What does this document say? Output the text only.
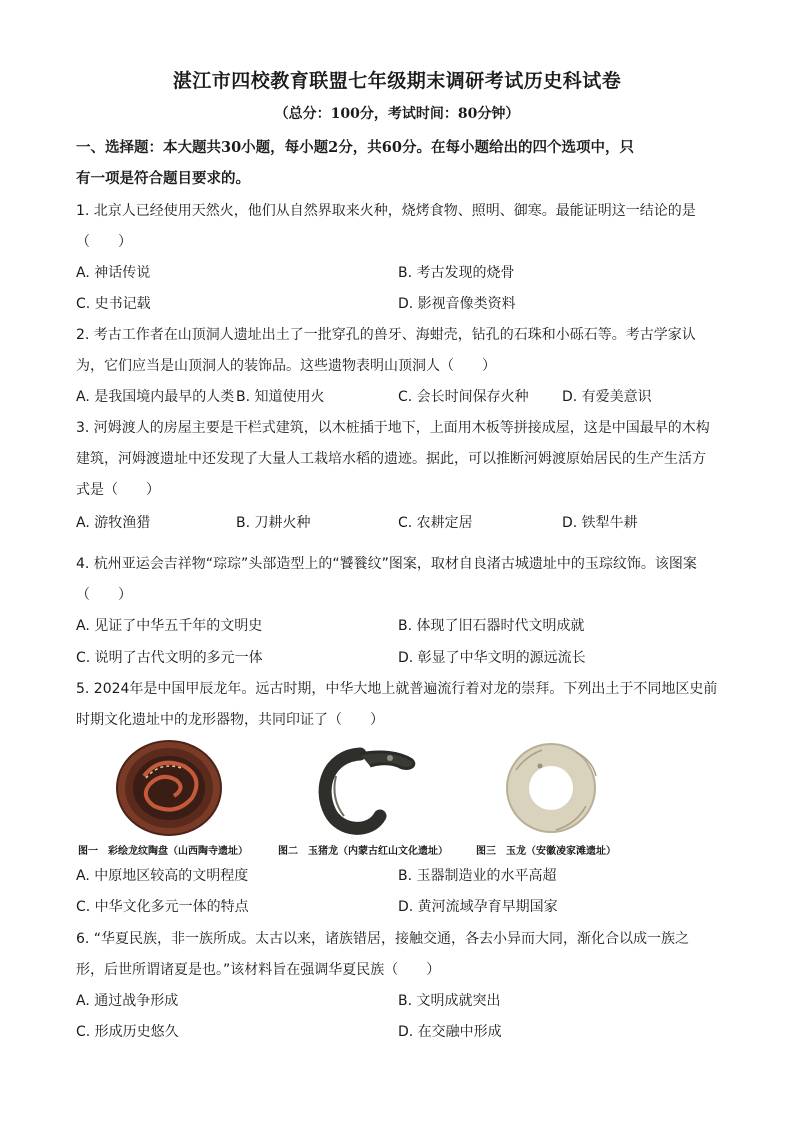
湛江市四校教育联盟七年级期末调研考试历史科试卷
（总分：100分，考试时间：80分钟）
一、选择题：本大题共30小题，每小题2分，共60分。在每小题给出的四个选项中，只
有一项是符合题目要求的。
1. 北京人已经使用天然火，他们从自然界取来火种，烧烤食物、照明、御寒。最能证明这一结论的是
（　　）
A. 神话传说	B. 考古发现的烧骨
C. 史书记载	D. 影视音像类资料
2. 考古工作者在山顶洞人遗址出土了一批穿孔的兽牙、海蚶壳，钻孔的石珠和小砾石等。考古学家认
为，它们应当是山顶洞人的装饰品。这些遗物表明山顶洞人（　　）
A. 是我国境内最早的人类 B. 知道使用火	C. 会长时间保存火种 D. 有爱美意识
3. 河姆渡人的房屋主要是干栏式建筑，以木桩插于地下，上面用木板等拼接成屋，这是中国最早的木构
建筑，河姆渡遗址中还发现了大量人工栽培水稻的遗迹。据此，可以推断河姆渡原始居民的生产生活方
式是（　　）
A. 游牧渔猎	B. 刀耕火种	C. 农耕定居	D. 铁犁牛耕
4. 杭州亚运会吉祥物“琮琮”头部造型上的“饕餮纹”图案，取材自良渚古城遗址中的玉琮纹饰。该图案
（　　）
A. 见证了中华五千年的文明史	B. 体现了旧石器时代文明成就
C. 说明了古代文明的多元一体	D. 彰显了中华文明的源远流长
5. 2024年是中国甲辰龙年。远古时期，中华大地上就普遍流行着对龙的崇拜。下列出土于不同地区史前
时期文化遗址中的龙形器物，共同印证了（　　）
图一　彩绘龙纹陶盘（山西陶寺遗址）	图二　玉猪龙（内蒙古红山文化遗址）	图三　玉龙（安徽凌家滩遗址）
A. 中原地区较高的文明程度	B. 玉器制造业的水平高超
C. 中华文化多元一体的特点	D. 黄河流域孕育早期国家
6. “华夏民族，非一族所成。太古以来，诸族错居，接触交通，各去小异而大同，渐化合以成一族之
形，后世所谓诸夏是也。”该材料旨在强调华夏民族（　　）
A. 通过战争形成	B. 文明成就突出
C. 形成历史悠久	D. 在交融中形成
